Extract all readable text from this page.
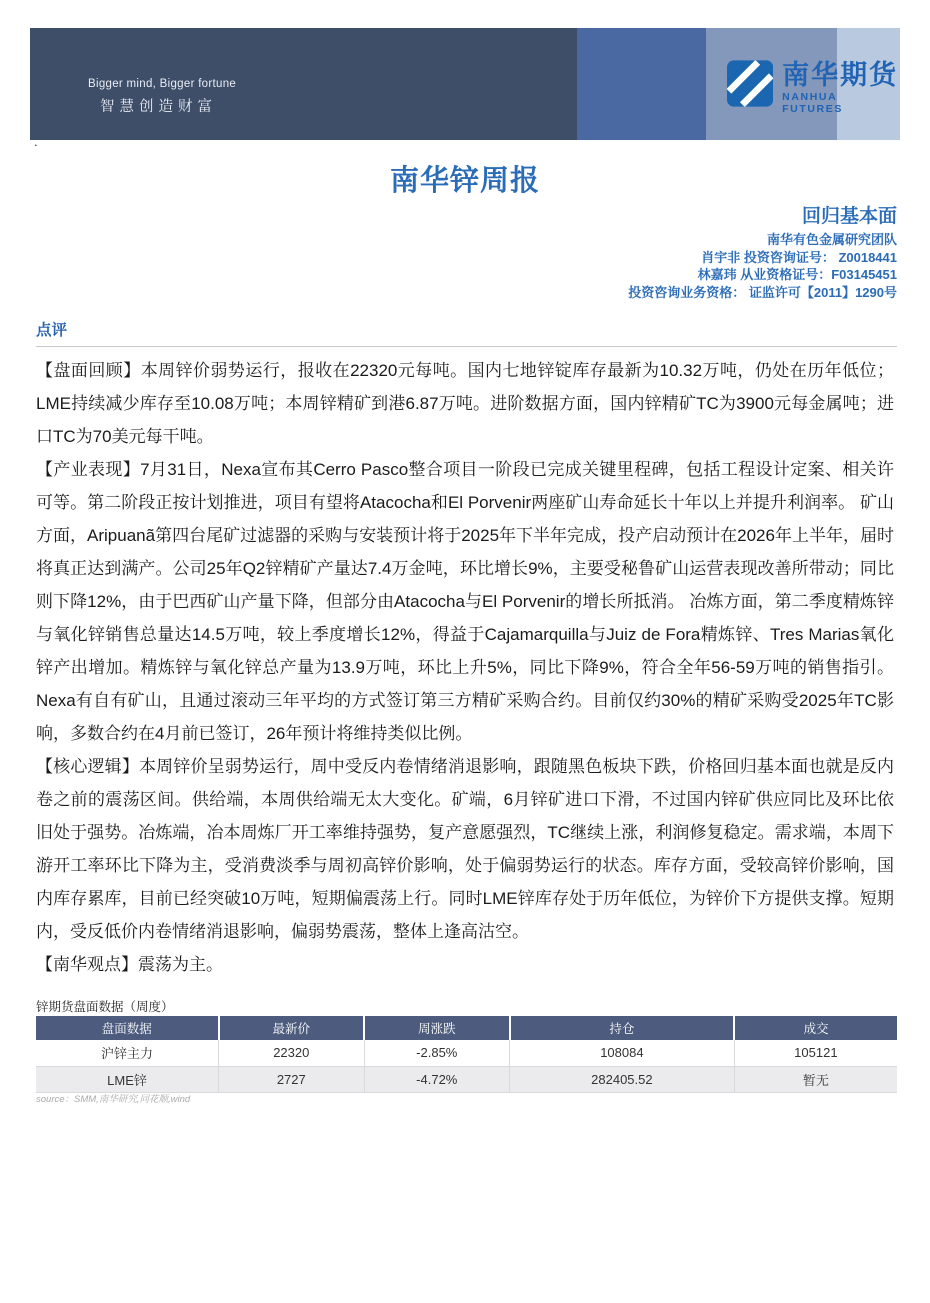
Bigger mind, Bigger fortune
智慧创造财富
南华期货
NANHUA FUTURES
.
南华锌周报
回归基本面
南华有色金属研究团队
肖宇非 投资咨询证号： Z0018441
林嘉玮 从业资格证号：F03145451
投资咨询业务资格： 证监许可【2011】1290号
点评

【盘面回顾】本周锌价弱势运行，报收在22320元每吨。国内七地锌锭库存最新为10.32万吨，仍处在历年低位；LME持续减少库存至10.08万吨；本周锌精矿到港6.87万吨。进阶数据方面，国内锌精矿TC为3900元每金属吨；进口TC为70美元每干吨。

【产业表现】7月31日，Nexa宣布其Cerro Pasco整合项目一阶段已完成关键里程碑，包括工程设计定案、相关许可等。第二阶段正按计划推进，项目有望将Atacocha和El Porvenir两座矿山寿命延长十年以上并提升利润率。 矿山方面，Aripuanã第四台尾矿过滤器的采购与安装预计将于2025年下半年完成，投产启动预计在2026年上半年，届时将真正达到满产。公司25年Q2锌精矿产量达7.4万金吨，环比增长9%，主要受秘鲁矿山运营表现改善所带动；同比则下降12%，由于巴西矿山产量下降，但部分由Atacocha与El Porvenir的增长所抵消。 冶炼方面，第二季度精炼锌与氧化锌销售总量达14.5万吨，较上季度增长12%，得益于Cajamarquilla与Juiz de Fora精炼锌、Tres Marias氧化锌产出增加。精炼锌与氧化锌总产量为13.9万吨，环比上升5%，同比下降9%，符合全年56-59万吨的销售指引。 Nexa有自有矿山，且通过滚动三年平均的方式签订第三方精矿采购合约。目前仅约30%的精矿采购受2025年TC影响，多数合约在4月前已签订，26年预计将维持类似比例。

【核心逻辑】本周锌价呈弱势运行，周中受反内卷情绪消退影响，跟随黑色板块下跌，价格回归基本面也就是反内卷之前的震荡区间。供给端，本周供给端无太大变化。矿端，6月锌矿进口下滑，不过国内锌矿供应同比及环比依旧处于强势。冶炼端，冶本周炼厂开工率维持强势，复产意愿强烈，TC继续上涨，利润修复稳定。需求端，本周下游开工率环比下降为主，受消费淡季与周初高锌价影响，处于偏弱势运行的状态。库存方面，受较高锌价影响，国内库存累库，目前已经突破10万吨，短期偏震荡上行。同时LME锌库存处于历年低位，为锌价下方提供支撑。短期内，受反低价内卷情绪消退影响，偏弱势震荡，整体上逢高沽空。

【南华观点】震荡为主。

锌期货盘面数据（周度）
盘面数据	最新价	周涨跌	持仓	成交
沪锌主力	22320	-2.85%	108084	105121
LME锌	2727	-4.72%	282405.52	暂无
source：SMM,南华研究,同花顺,wind
